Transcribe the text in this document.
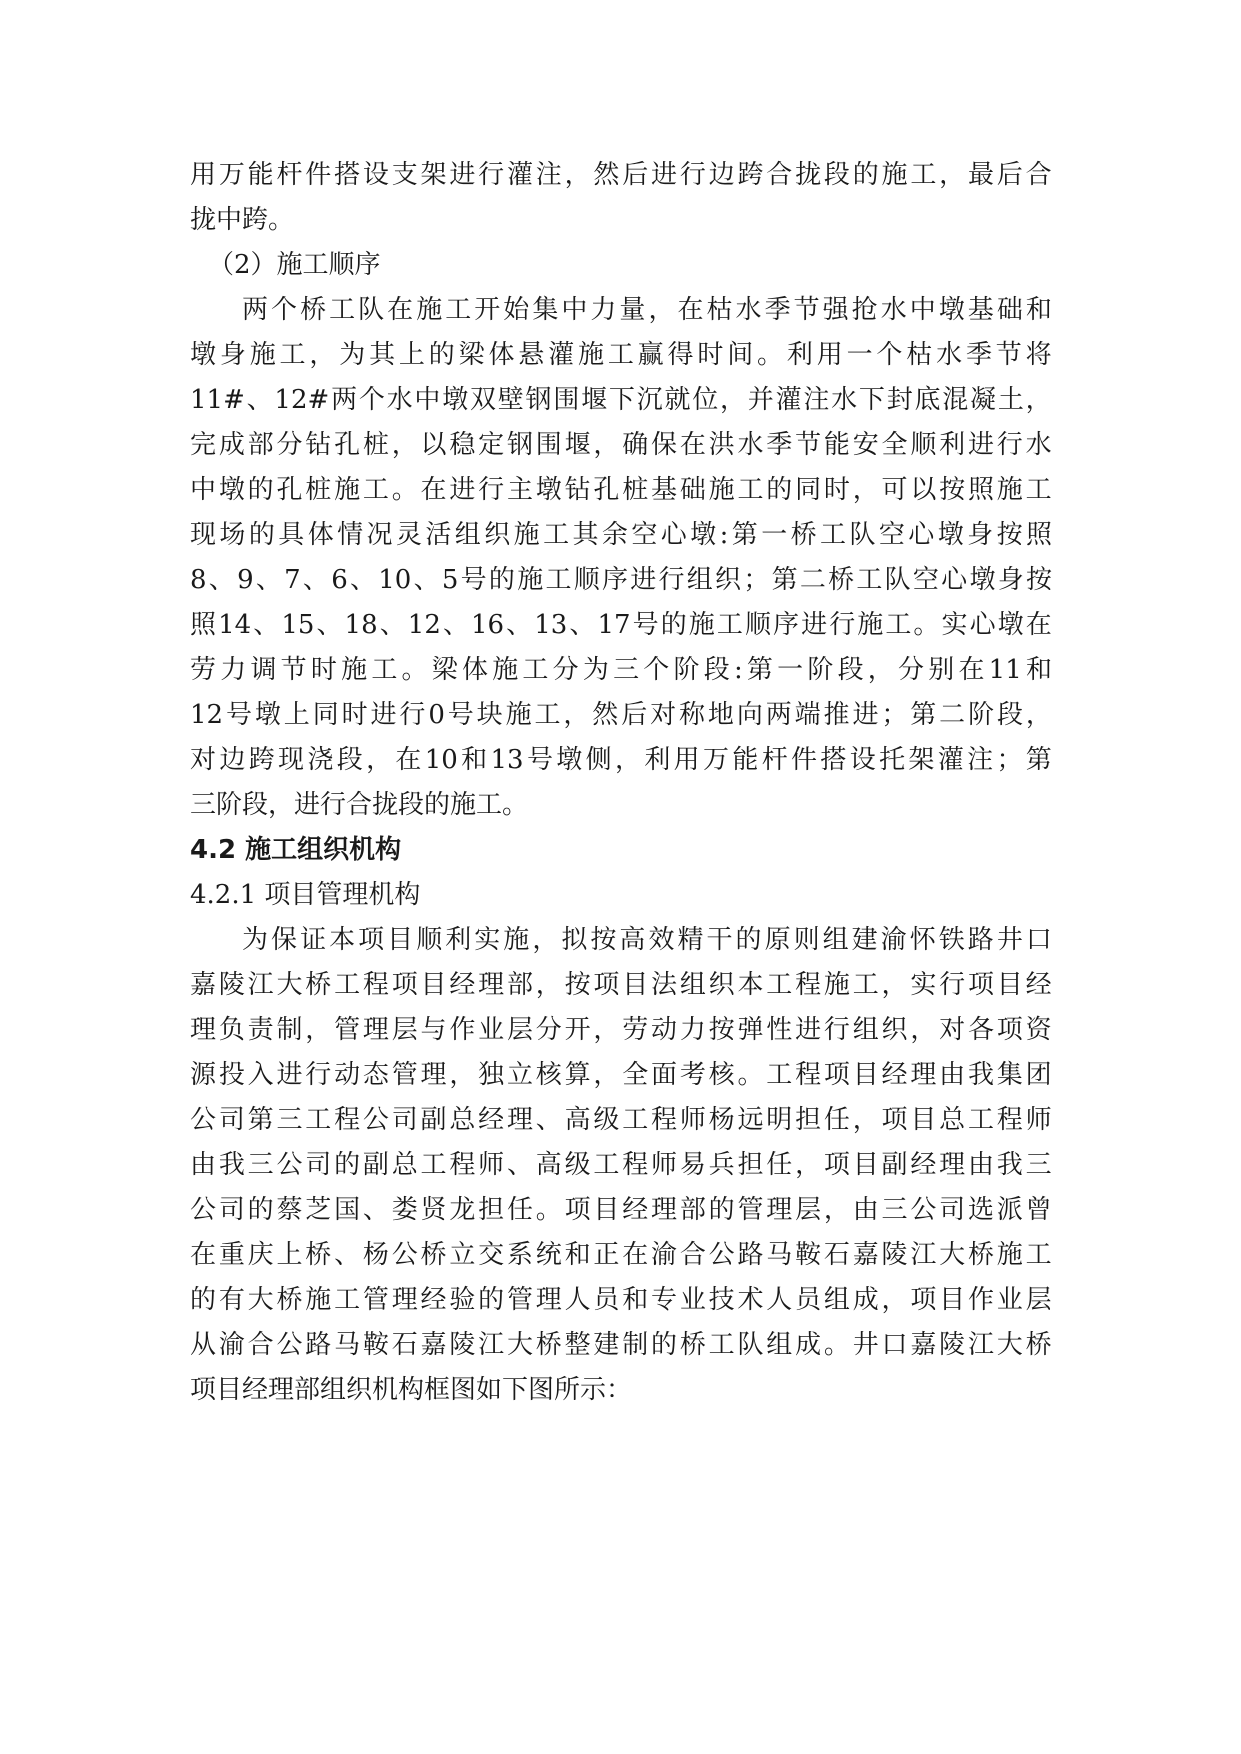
用 万 能 杆 件 搭 设 支 架 进 行 灌 注 ， 然 后 进 行 边 跨 合 拢 段 的 施 工 ， 最 后 合
拢中跨。
（2）施工顺序
两 个 桥 工 队 在 施 工 开 始 集 中 力 量 ， 在 枯 水 季 节 强 抢 水 中 墩 基 础 和
墩 身 施 工 ， 为 其 上 的 梁 体 悬 灌 施 工 赢 得 时 间 。 利 用 一 个 枯 水 季 节 将
11# 、 12# 两 个 水 中 墩 双 壁 钢 围 堰 下 沉 就 位 ， 并 灌 注 水 下 封 底 混 凝 土 ，
完 成 部 分 钻 孔 桩 ， 以 稳 定 钢 围 堰 ， 确 保 在 洪 水 季 节 能 安 全 顺 利 进 行 水
中 墩 的 孔 桩 施 工 。 在 进 行 主 墩 钻 孔 桩 基 础 施 工 的 同 时 ， 可 以 按 照 施 工
现 场 的 具 体 情 况 灵 活 组 织 施 工 其 余 空 心 墩 : 第 一 桥 工 队 空 心 墩 身 按 照
8 、 9 、 7 、 6 、 10 、 5 号 的 施 工 顺 序 进 行 组 织 ； 第 二 桥 工 队 空 心 墩 身 按
照 14 、 15 、 18 、 12 、 16 、 13 、 17 号 的 施 工 顺 序 进 行 施 工 。 实 心 墩 在
劳 力 调 节 时 施 工 。 梁 体 施 工 分 为 三 个 阶 段 : 第 一 阶 段 ， 分 别 在 11 和
12 号 墩 上 同 时 进 行 0 号 块 施 工 ， 然 后 对 称 地 向 两 端 推 进 ； 第 二 阶 段 ，
对 边 跨 现 浇 段 ， 在 10 和 13 号 墩 侧 ， 利 用 万 能 杆 件 搭 设 托 架 灌 注 ； 第
三阶段，进行合拢段的施工。
4.2 施工组织机构
4.2.1 项目管理机构
为 保 证 本 项 目 顺 利 实 施 ， 拟 按 高 效 精 干 的 原 则 组 建 渝 怀 铁 路 井 口
嘉 陵 江 大 桥 工 程 项 目 经 理 部 ， 按 项 目 法 组 织 本 工 程 施 工 ， 实 行 项 目 经
理 负 责 制 ， 管 理 层 与 作 业 层 分 开 ， 劳 动 力 按 弹 性 进 行 组 织 ， 对 各 项 资
源 投 入 进 行 动 态 管 理 ， 独 立 核 算 ， 全 面 考 核 。 工 程 项 目 经 理 由 我 集 团
公 司 第 三 工 程 公 司 副 总 经 理 、 高 级 工 程 师 杨 远 明 担 任 ， 项 目 总 工 程 师
由 我 三 公 司 的 副 总 工 程 师 、 高 级 工 程 师 易 兵 担 任 ， 项 目 副 经 理 由 我 三
公 司 的 蔡 芝 国 、 娄 贤 龙 担 任 。 项 目 经 理 部 的 管 理 层 ， 由 三 公 司 选 派 曾
在 重 庆 上 桥 、 杨 公 桥 立 交 系 统 和 正 在 渝 合 公 路 马 鞍 石 嘉 陵 江 大 桥 施 工
的 有 大 桥 施 工 管 理 经 验 的 管 理 人 员 和 专 业 技 术 人 员 组 成 ， 项 目 作 业 层
从 渝 合 公 路 马 鞍 石 嘉 陵 江 大 桥 整 建 制 的 桥 工 队 组 成 。 井 口 嘉 陵 江 大 桥
项目经理部组织机构框图如下图所示：
